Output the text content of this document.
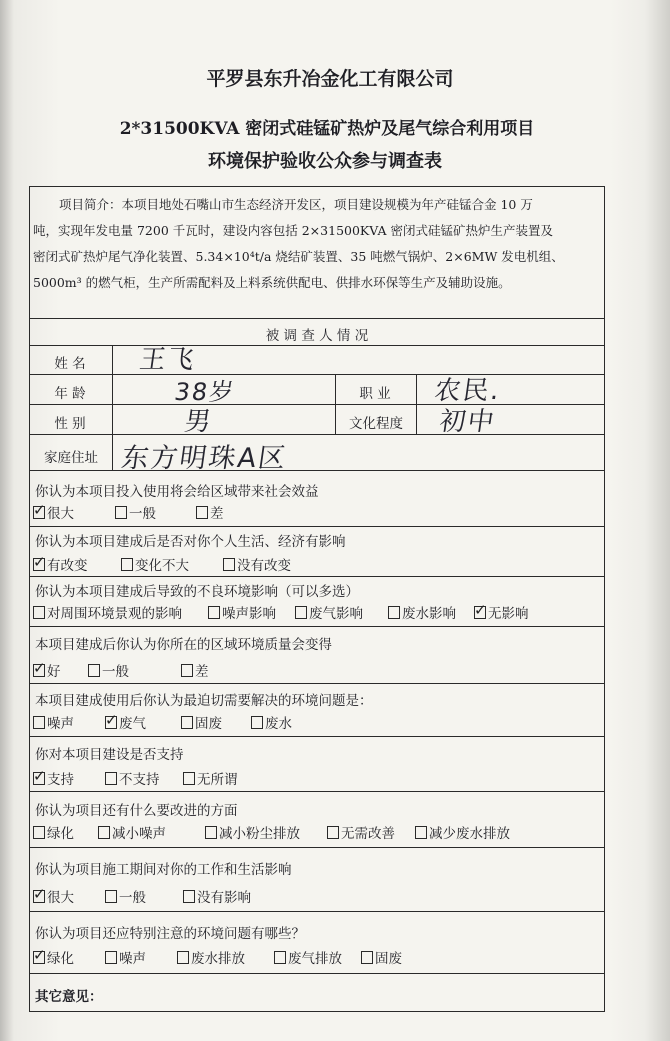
平罗县东升冶金化工有限公司
2*31500KVA 密闭式硅锰矿热炉及尾气综合利用项目
环境保护验收公众参与调查表
项目简介：本项目地处石嘴山市生态经济开发区，项目建设规模为年产硅锰合金 10 万
吨，实现年发电量 7200 千瓦时，建设内容包括 2×31500KVA 密闭式硅锰矿热炉生产装置及
密闭式矿热炉尾气净化装置、5.34×10⁴t/a 烧结矿装置、35 吨燃气锅炉、2×6MW 发电机组、
5000m³ 的燃气柜，生产所需配料及上料系统供配电、供排水环保等生产及辅助设施。
被 调 查 人 情 况
姓 名	王飞
年 龄	38岁	职 业	农民.
性 别	男	文化程度	初中
家庭住址 东方明珠A区
你认为本项目投入使用将会给区域带来社会效益
✓很大	一般	差
你认为本项目建成后是否对你个人生活、经济有影响
✓有改变	变化不大	没有改变
你认为本项目建成后导致的不良环境影响（可以多选）
对周围环境景观的影响	噪声影响	废气影响	废水影响 ✓	无影响
本项目建成后你认为你所在的区域环境质量会变得
✓好	一般	差
本项目建成使用后你认为最迫切需要解决的环境问题是：
噪声 ✓	废气	固废	废水
你对本项目建设是否支持
✓支持	不支持	无所谓
你认为项目还有什么要改进的方面
绿化	减小噪声	减小粉尘排放	无需改善	减少废水排放
你认为项目施工期间对你的工作和生活影响
✓很大	一般	没有影响
你认为项目还应特别注意的环境问题有哪些？
✓绿化	噪声	废水排放	废气排放	固废
其它意见：
